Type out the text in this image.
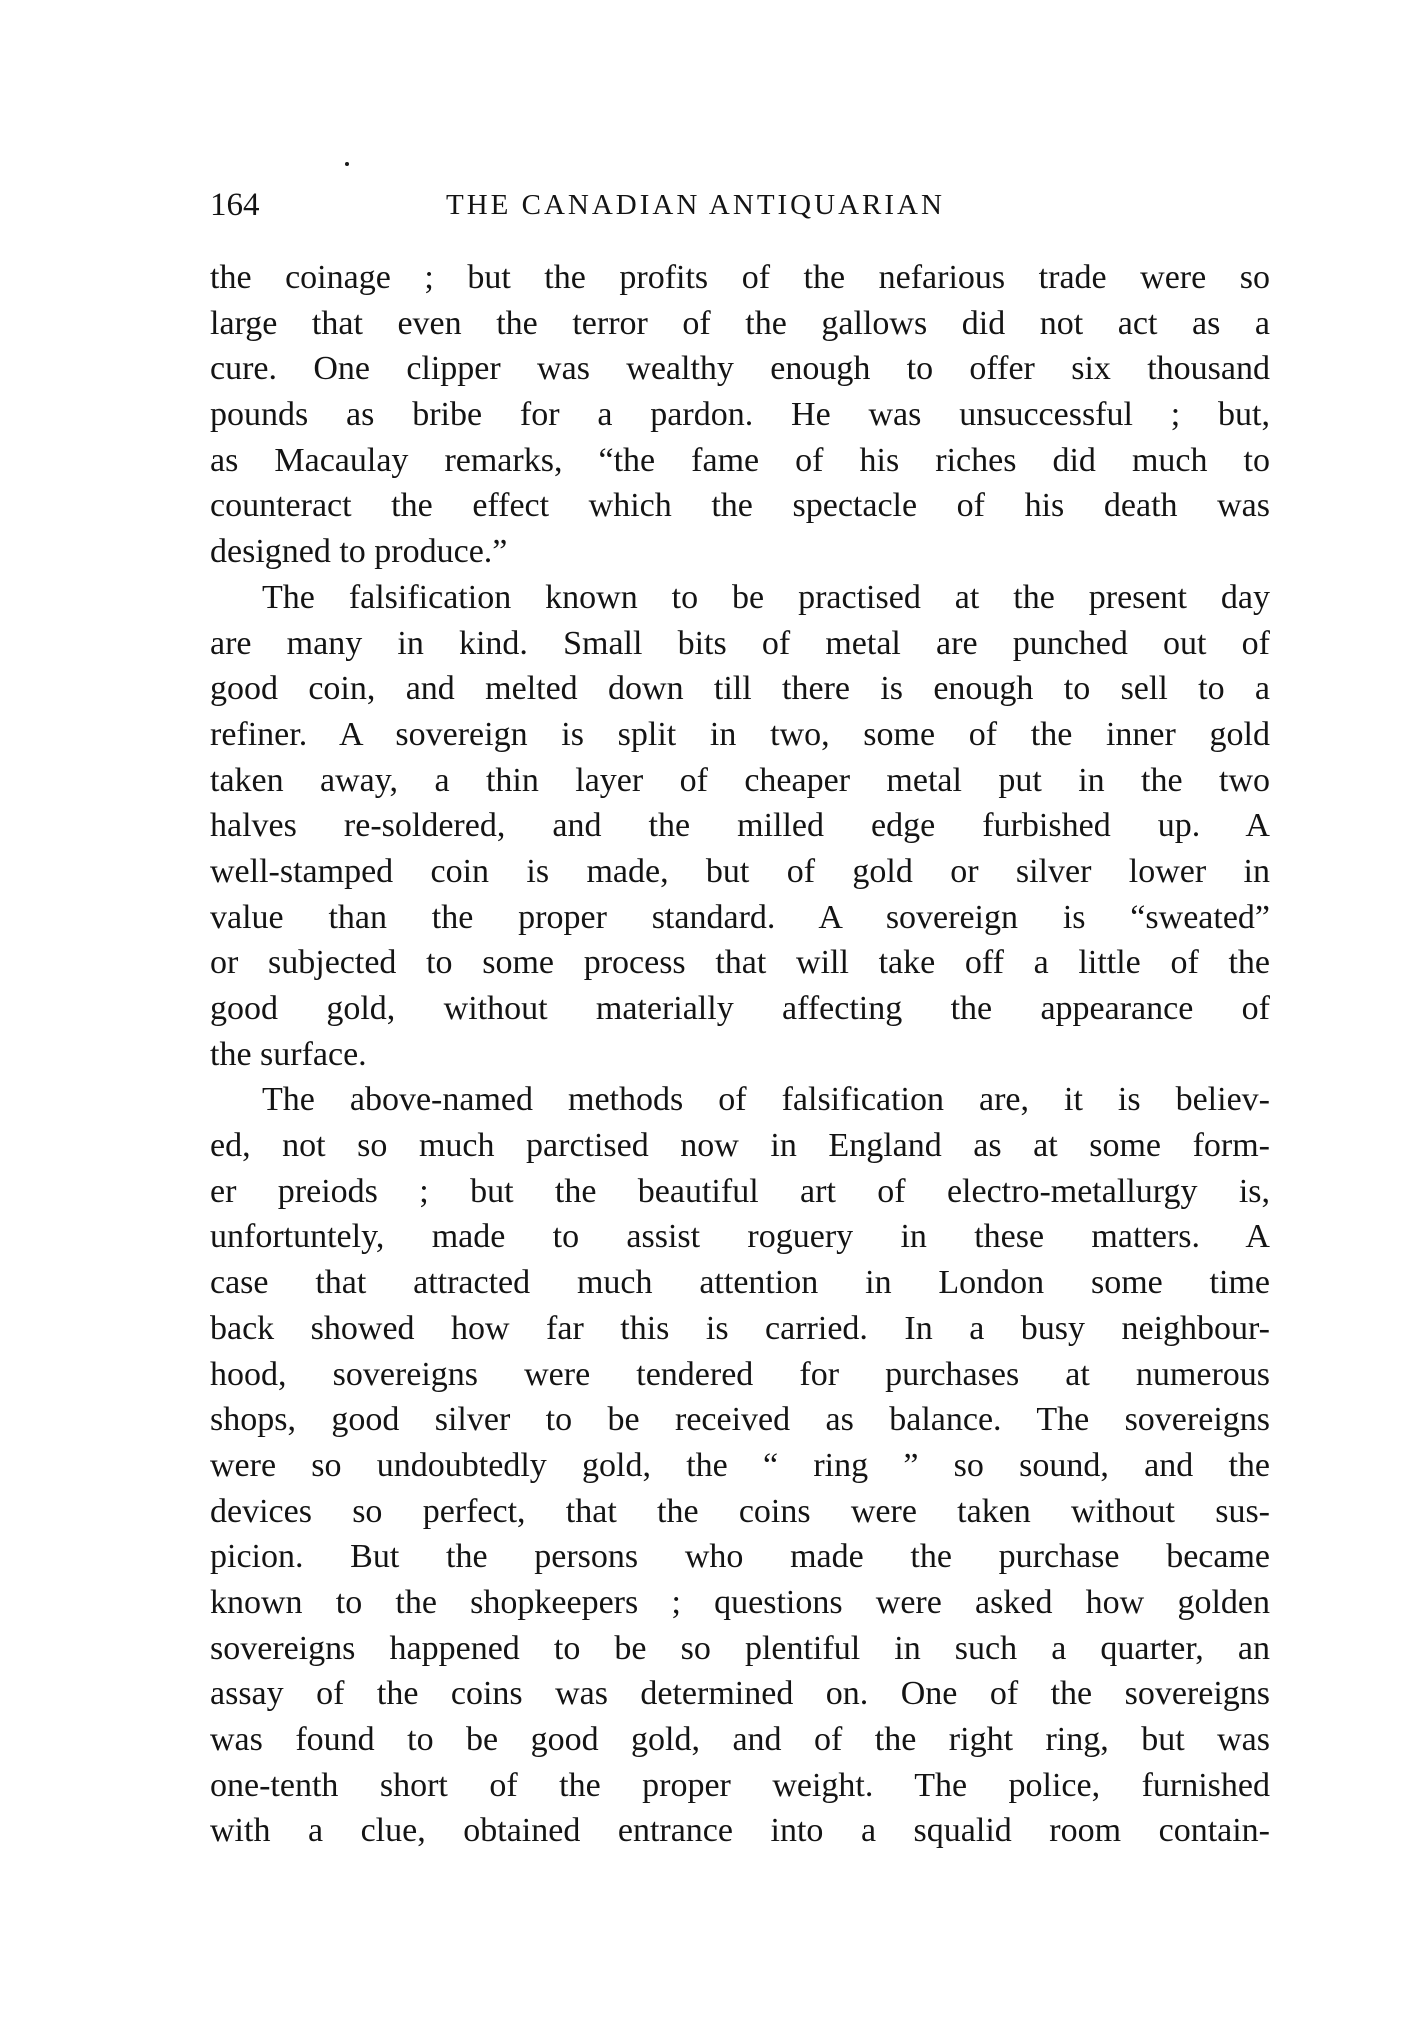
164	THE CANADIAN ANTIQUARIAN
the coinage ; but the profits of the nefarious trade were so
large that even the terror of the gallows did not act as a
cure. One clipper was wealthy enough to offer six thousand
pounds as bribe for a pardon. He was unsuccessful ; but,
as Macaulay remarks, “the fame of his riches did much to
counteract the effect which the spectacle of his death was
designed to produce.”
The falsification known to be practised at the present day
are many in kind. Small bits of metal are punched out of
good coin, and melted down till there is enough to sell to a
refiner. A sovereign is split in two, some of the inner gold
taken away, a thin layer of cheaper metal put in the two
halves re-soldered, and the milled edge furbished up. A
well-stamped coin is made, but of gold or silver lower in
value than the proper standard. A sovereign is “sweated”
or subjected to some process that will take off a little of the
good gold, without materially affecting the appearance of
the surface.
The above-named methods of falsification are, it is believ-
ed, not so much parctised now in England as at some form-
er preiods ; but the beautiful art of electro-metallurgy is,
unfortuntely, made to assist roguery in these matters. A
case that attracted much attention in London some time
back showed how far this is carried. In a busy neighbour-
hood, sovereigns were tendered for purchases at numerous
shops, good silver to be received as balance. The sovereigns
were so undoubtedly gold, the “ ring ” so sound, and the
devices so perfect, that the coins were taken without sus-
picion. But the persons who made the purchase became
known to the shopkeepers ; questions were asked how golden
sovereigns happened to be so plentiful in such a quarter, an
assay of the coins was determined on. One of the sovereigns
was found to be good gold, and of the right ring, but was
one-tenth short of the proper weight. The police, furnished
with a clue, obtained entrance into a squalid room contain-
